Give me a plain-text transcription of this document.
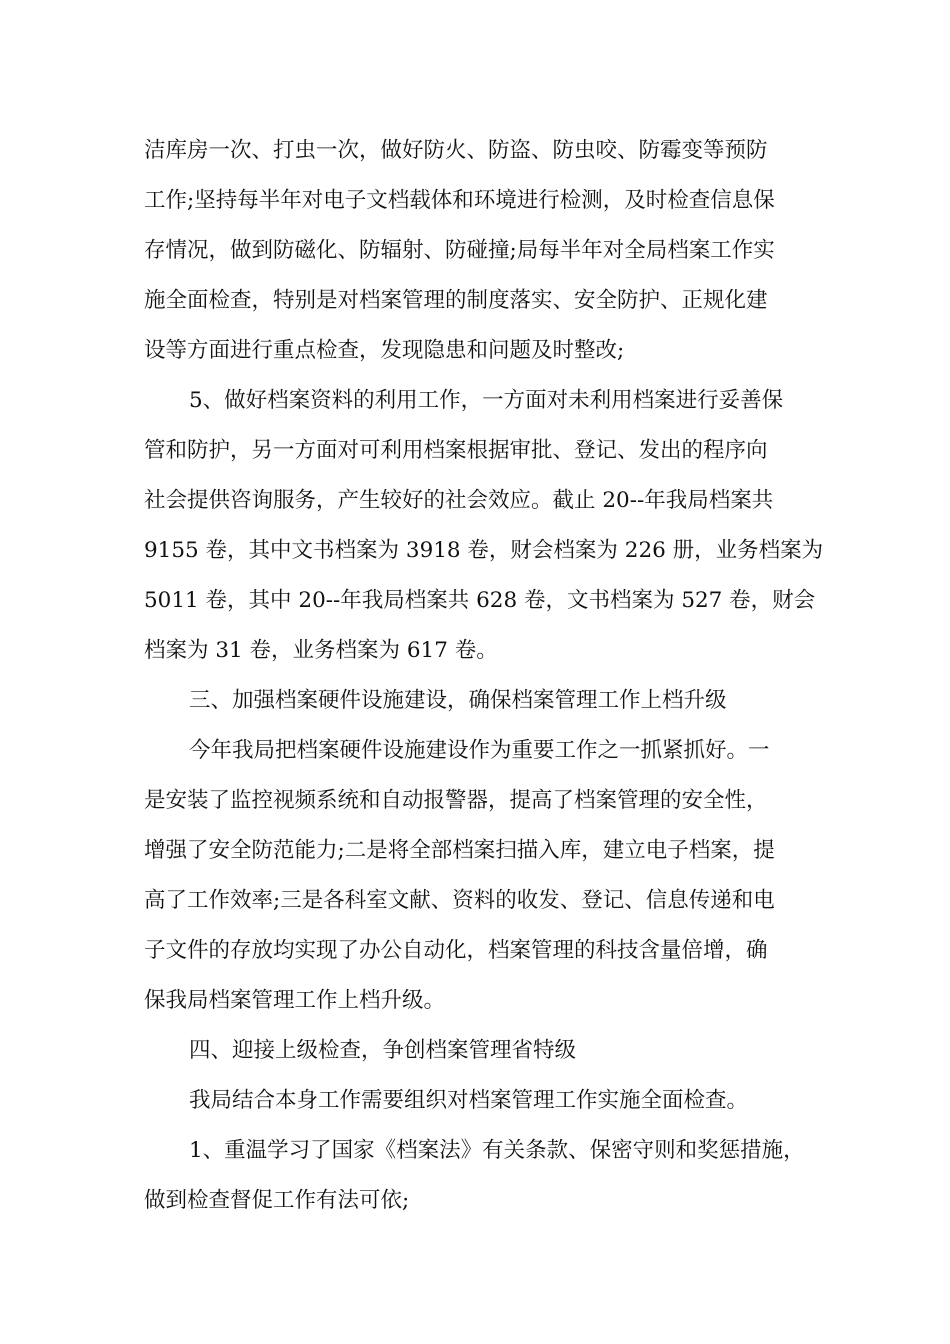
洁库房一次、打虫一次，做好防火、防盗、防虫咬、防霉变等预防

工作;坚持每半年对电子文档载体和环境进行检测，及时检查信息保

存情况，做到防磁化、防辐射、防碰撞;局每半年对全局档案工作实

施全面检查，特别是对档案管理的制度落实、安全防护、正规化建

设等方面进行重点检查，发现隐患和问题及时整改;

5、做好档案资料的利用工作，一方面对未利用档案进行妥善保

管和防护，另一方面对可利用档案根据审批、登记、发出的程序向

社会提供咨询服务，产生较好的社会效应。截止 20--年我局档案共

9155 卷，其中文书档案为 3918 卷，财会档案为 226 册，业务档案为

5011 卷，其中 20--年我局档案共 628 卷，文书档案为 527 卷，财会

档案为 31 卷，业务档案为 617 卷。

三、加强档案硬件设施建设，确保档案管理工作上档升级

今年我局把档案硬件设施建设作为重要工作之一抓紧抓好。一

是安装了监控视频系统和自动报警器，提高了档案管理的安全性，

增强了安全防范能力;二是将全部档案扫描入库，建立电子档案，提

高了工作效率;三是各科室文献、资料的收发、登记、信息传递和电

子文件的存放均实现了办公自动化，档案管理的科技含量倍增，确

保我局档案管理工作上档升级。

四、迎接上级检查，争创档案管理省特级

我局结合本身工作需要组织对档案管理工作实施全面检查。

1、重温学习了国家《档案法》有关条款、保密守则和奖惩措施，

做到检查督促工作有法可依;
